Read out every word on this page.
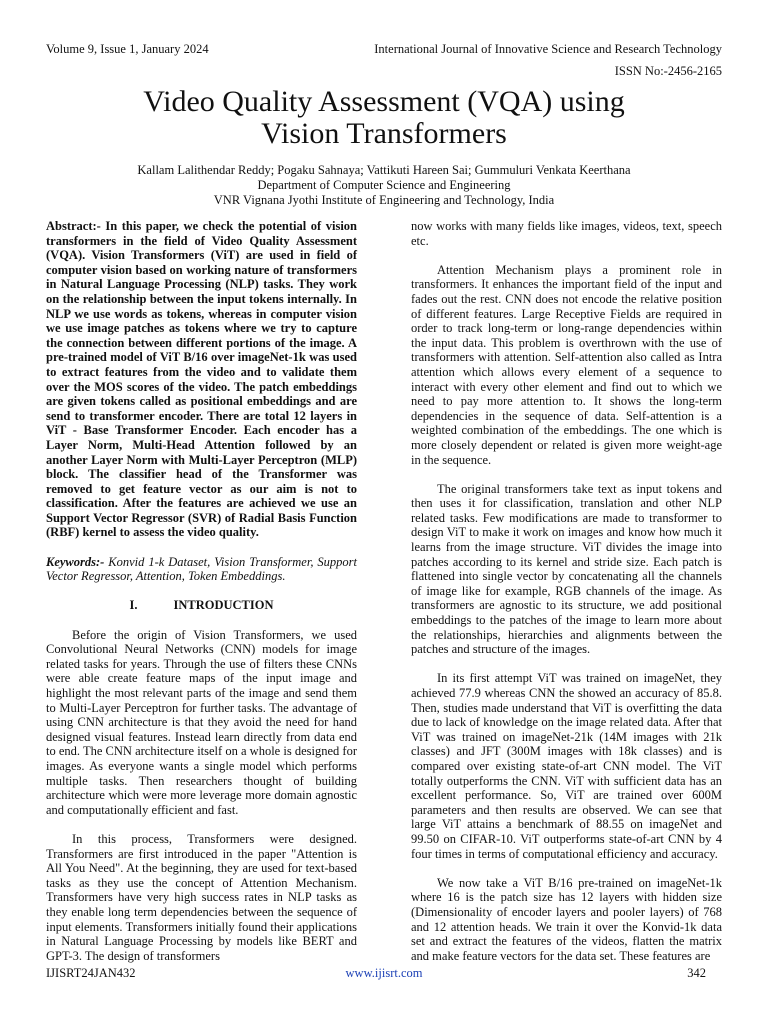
Volume 9, Issue 1, January 2024	International Journal of Innovative Science and Research Technology
ISSN No:-2456-2165
Video Quality Assessment (VQA) using
Vision Transformers
Kallam Lalithendar Reddy; Pogaku Sahnaya; Vattikuti Hareen Sai; Gummuluri Venkata Keerthana
Department of Computer Science and Engineering
VNR Vignana Jyothi Institute of Engineering and Technology, India

Abstract:- In this paper, we check the potential of vision transformers in the field of Video Quality Assessment (VQA). Vision Transformers (ViT) are used in field of computer vision based on working nature of transformers in Natural Language Processing (NLP) tasks. They work on the relationship between the input tokens internally. In NLP we use words as tokens, whereas in computer vision we use image patches as tokens where we try to capture the connection between different portions of the image. A pre-trained model of ViT B/16 over imageNet-1k was used to extract features from the video and to validate them over the MOS scores of the video. The patch embeddings are given tokens called as positional embeddings and are send to transformer encoder. There are total 12 layers in ViT - Base Transformer Encoder. Each encoder has a Layer Norm, Multi-Head Attention followed by an another Layer Norm with Multi-Layer Perceptron (MLP) block. The classifier head of the Transformer was removed to get feature vector as our aim is not to classification. After the features are achieved we use an Support Vector Regressor (SVR) of Radial Basis Function (RBF) kernel to assess the video quality.

Keywords:- Konvid 1-k Dataset, Vision Transformer, Support Vector Regressor, Attention, Token Embeddings.

I.	INTRODUCTION

Before the origin of Vision Transformers, we used Convolutional Neural Networks (CNN) models for image related tasks for years. Through the use of filters these CNNs were able create feature maps of the input image and highlight the most relevant parts of the image and send them to Multi-Layer Perceptron for further tasks. The advantage of using CNN architecture is that they avoid the need for hand designed visual features. Instead learn directly from data end to end. The CNN architecture itself on a whole is designed for images. As everyone wants a single model which performs multiple tasks. Then researchers thought of building architecture which were more leverage more domain agnostic and computationally efficient and fast.

In this process, Transformers were designed. Transformers are first introduced in the paper "Attention is All You Need". At the beginning, they are used for text-based tasks as they use the concept of Attention Mechanism. Transformers have very high success rates in NLP tasks as they enable long term dependencies between the sequence of input elements. Transformers initially found their applications in Natural Language Processing by models like BERT and GPT-3. The design of transformers

now works with many fields like images, videos, text, speech etc.

Attention Mechanism plays a prominent role in transformers. It enhances the important field of the input and fades out the rest. CNN does not encode the relative position of different features. Large Receptive Fields are required in order to track long-term or long-range dependencies within the input data. This problem is overthrown with the use of transformers with attention. Self-attention also called as Intra attention which allows every element of a sequence to interact with every other element and find out to which we need to pay more attention to. It shows the long-term dependencies in the sequence of data. Self-attention is a weighted combination of the embeddings. The one which is more closely dependent or related is given more weight-age in the sequence.

The original transformers take text as input tokens and then uses it for classification, translation and other NLP related tasks. Few modifications are made to transformer to design ViT to make it work on images and know how much it learns from the image structure. ViT divides the image into patches according to its kernel and stride size. Each patch is flattened into single vector by concatenating all the channels of image like for example, RGB channels of the image. As transformers are agnostic to its structure, we add positional embeddings to the patches of the image to learn more about the relationships, hierarchies and alignments between the patches and structure of the images.

In its first attempt ViT was trained on imageNet, they achieved 77.9 whereas CNN the showed an accuracy of 85.8. Then, studies made understand that ViT is overfitting the data due to lack of knowledge on the image related data. After that ViT was trained on imageNet-21k (14M images with 21k classes) and JFT (300M images with 18k classes) and is compared over existing state-of-art CNN model. The ViT totally outperforms the CNN. ViT with sufficient data has an excellent performance. So, ViT are trained over 600M parameters and then results are observed. We can see that large ViT attains a benchmark of 88.55 on imageNet and 99.50 on CIFAR-10. ViT outperforms state-of-art CNN by 4 four times in terms of computational efficiency and accuracy.

We now take a ViT B/16 pre-trained on imageNet-1k where 16 is the patch size has 12 layers with hidden size (Dimensionality of encoder layers and pooler layers) of 768 and 12 attention heads. We train it over the Konvid-1k data set and extract the features of the videos, flatten the matrix and make feature vectors for the data set. These features are

IJISRT24JAN432	www.ijisrt.com	342
